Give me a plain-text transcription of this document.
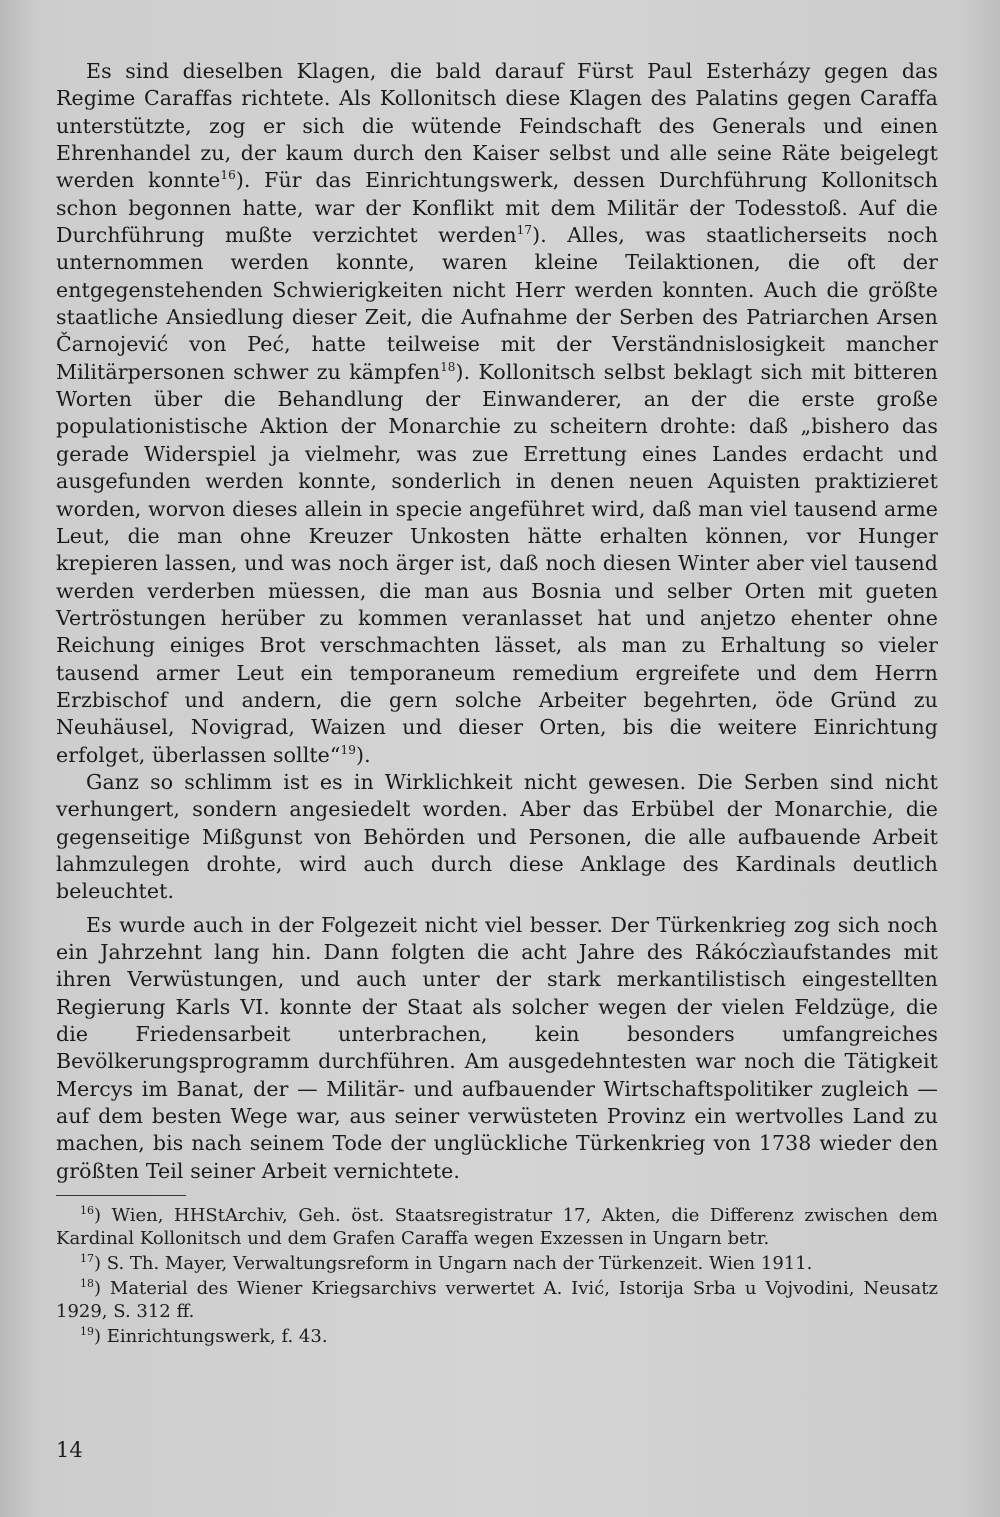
Es sind dieselben Klagen, die bald darauf Fürst Paul Esterházy gegen das Regime Caraffas richtete. Als Kollonitsch diese Klagen des Palatins gegen Caraffa unterstützte, zog er sich die wütende Feindschaft des Generals und einen Ehrenhandel zu, der kaum durch den Kaiser selbst und alle seine Räte beigelegt werden konnte$^{16}$). Für das Einrichtungswerk, dessen Durchführung Kollonitsch schon begonnen hatte, war der Konflikt mit dem Militär der Todesstoß. Auf die Durchführung mußte verzichtet werden$^{17}$). Alles, was staatlicherseits noch unternommen werden konnte, waren kleine Teilaktionen, die oft der entgegenstehenden Schwierigkeiten nicht Herr werden konnten. Auch die größte staatliche Ansiedlung dieser Zeit, die Aufnahme der Serben des Patriarchen Arsen Čarnojević von Peć, hatte teilweise mit der Verständnislosigkeit mancher Militärpersonen schwer zu kämpfen$^{18}$). Kollonitsch selbst beklagt sich mit bitteren Worten über die Behandlung der Einwanderer, an der die erste große populationistische Aktion der Monarchie zu scheitern drohte: daß „bishero das gerade Widerspiel ja vielmehr, was zue Errettung eines Landes erdacht und ausgefunden werden konnte, sonderlich in denen neuen Aquisten praktizieret worden, worvon dieses allein in specie angeführet wird, daß man viel tausend arme Leut, die man ohne Kreuzer Unkosten hätte erhalten können, vor Hunger krepieren lassen, und was noch ärger ist, daß noch diesen Winter aber viel tausend werden verderben müessen, die man aus Bosnia und selber Orten mit gueten Vertröstungen herüber zu kommen veranlasset hat und anjetzo ehenter ohne Reichung einiges Brot verschmachten lässet, als man zu Erhaltung so vieler tausend armer Leut ein temporaneum remedium ergreifete und dem Herrn Erzbischof und andern, die gern solche Arbeiter begehrten, öde Gründ zu Neuhäusel, Novigrad, Waizen und dieser Orten, bis die weitere Einrichtung erfolget, überlassen sollte“$^{19}$).

Ganz so schlimm ist es in Wirklichkeit nicht gewesen. Die Serben sind nicht verhungert, sondern angesiedelt worden. Aber das Erbübel der Monarchie, die gegenseitige Mißgunst von Behörden und Personen, die alle aufbauende Arbeit lahmzulegen drohte, wird auch durch diese Anklage des Kardinals deutlich beleuchtet.

Es wurde auch in der Folgezeit nicht viel besser. Der Türkenkrieg zog sich noch ein Jahrzehnt lang hin. Dann folgten die acht Jahre des Rákóczìaufstandes mit ihren Verwüstungen, und auch unter der stark merkantilistisch eingestellten Regierung Karls VI. konnte der Staat als solcher wegen der vielen Feldzüge, die die Friedensarbeit unterbrachen, kein besonders umfangreiches Bevölkerungsprogramm durchführen. Am ausgedehntesten war noch die Tätigkeit Mercys im Banat, der — Militär- und aufbauender Wirtschaftspolitiker zugleich — auf dem besten Wege war, aus seiner verwüsteten Provinz ein wertvolles Land zu machen, bis nach seinem Tode der unglückliche Türkenkrieg von 1738 wieder den größten Teil seiner Arbeit vernichtete.

$^{16}$) Wien, HHStArchiv, Geh. öst. Staatsregistratur 17, Akten, die Differenz zwischen dem Kardinal Kollonitsch und dem Grafen Caraffa wegen Exzessen in Ungarn betr.

$^{17}$) S. Th. Mayer, Verwaltungsreform in Ungarn nach der Türkenzeit. Wien 1911.

$^{18}$) Material des Wiener Kriegsarchivs verwertet A. Ivić, Istorija Srba u Vojvodini, Neusatz 1929, S. 312 ff.

$^{19}$) Einrichtungswerk, f. 43.

14
